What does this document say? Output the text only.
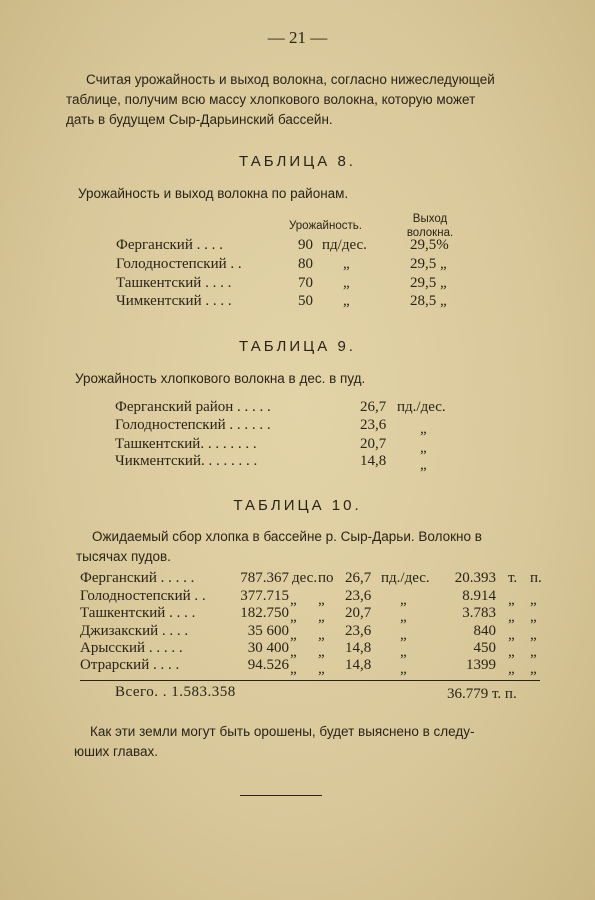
— 21 —
Считая урожайность и выход волокна, согласно нижеследующей
таблице, получим всю массу хлопкового волокна, которую может
дать в будущем Сыр-Дарьинский бассейн.
ТАБЛИЦА 8.
Урожайность и выход волокна по районам.
Урожайность.
Выход
волокна.
Ферганский . . . .	90 пд/дес.	29,5%
Голодностепский . .	80 „	29,5 „
Ташкентский . . . .	70 „	29,5 „
Чимкентский . . . .	50 „	28,5 „
ТАБЛИЦА 9.
Урожайность хлопкового волокна в дес. в пуд.
Ферганский район . . . . .	26,7 пд./дес.
Голодностепский . . . . . .	23,6 „
Ташкентский. . . . . . . .	20,7 „
Чикментский. . . . . . . .	14,8 „
ТАБЛИЦА 10.
Ожидаемый сбор хлопка в бассейне р. Сыр-Дарьи. Волокно в
тысячах пудов.
Ферганский . . . . .	787.367 дес. по 26,7 пд./дес.	20.393 т. п.
Голодностепский . .	377.715 „ „ 23,6 „	8.914 „ „
Ташкентский . . . .	182.750 „ „ 20,7 „	3.783 „ „
Джизакский . . . .	35 600 „ „ 23,6 „	840 „ „
Арысский . . . . .	30 400 „ „ 14,8 „	450 „ „
Отрарский . . . .	94.526 „ „ 14,8 „	1399 „ „
Всего. . 1.583.358	36.779 т. п.
Как эти земли могут быть орошены, будет выяснено в следу-
юших главах.
